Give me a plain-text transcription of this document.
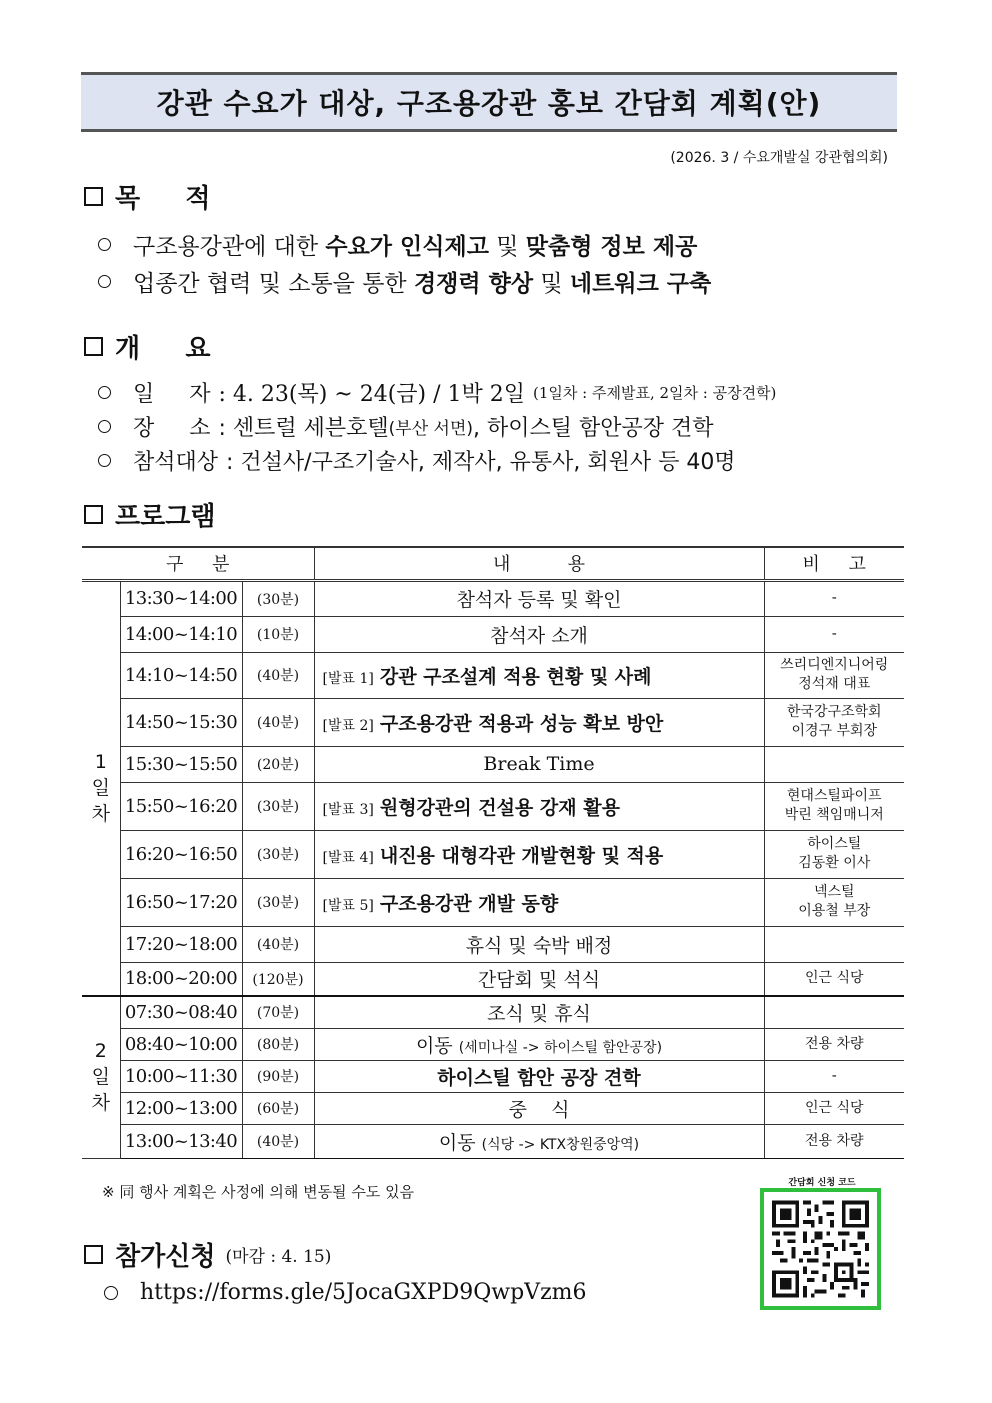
강관 수요가 대상, 구조용강관 홍보 간담회 계획(안)
(2026. 3 / 수요개발실 강관협의회)
목     적
구조용강관에 대한 수요가 인식제고 및 맞춤형 정보 제공
업종간 협력 및 소통을 통한 경쟁력 향상 및 네트워크 구축
개     요
일     자 : 4. 23(목) ~ 24(금) / 1박 2일 (1일차 : 주제발표, 2일차 : 공장견학)
장     소 : 센트럴 세븐호텔 (부산 서면) , 하이스틸 함안공장 견학
참석대상 : 건설사/구조기술사, 제작사, 유통사, 회원사 등 40명
프로그램
구     분			내          용	비     고
1
일
차	13:30~14:00	(30분)	참석자 등록 및 확인	-
	14:00~14:10	(10분)	참석자 소개	-
	14:10~14:50	(40분)	[발표 1] 강관 구조설계 적용 현황 및 사례	쓰리디엔지니어링
정석재 대표
	14:50~15:30	(40분)	[발표 2] 구조용강관 적용과 성능 확보 방안	한국강구조학회
이경구 부회장
	15:30~15:50	(20분)	Break Time	
	15:50~16:20	(30분)	[발표 3] 원형강관의 건설용 강재 활용	현대스틸파이프
박린 책임매니저
	16:20~16:50	(30분)	[발표 4] 내진용 대형각관 개발현황 및 적용	하이스틸
김동환 이사
	16:50~17:20	(30분)	[발표 5] 구조용강관 개발 동향	넥스틸
이용철 부장
	17:20~18:00	(40분)	휴식 및 숙박 배정	
	18:00~20:00	(120분)	간담회 및 석식	인근 식당
2
일
차	07:30~08:40	(70분)	조식 및 휴식	
	08:40~10:00	(80분)	이동 (세미나실 -> 하이스틸 함안공장)	전용 차량
	10:00~11:30	(90분)	하이스틸 함안 공장 견학	-
	12:00~13:00	(60분)	중    식	인근 식당
	13:00~13:40	(40분)	이동 (식당 -> KTX창원중앙역)	전용 차량
※ 同 행사 계획은 사정에 의해 변동될 수도 있음
참가신청 (마감 : 4. 15)
https://forms.gle/5JocaGXPD9QwpVzm6
간담회 신청 코드
